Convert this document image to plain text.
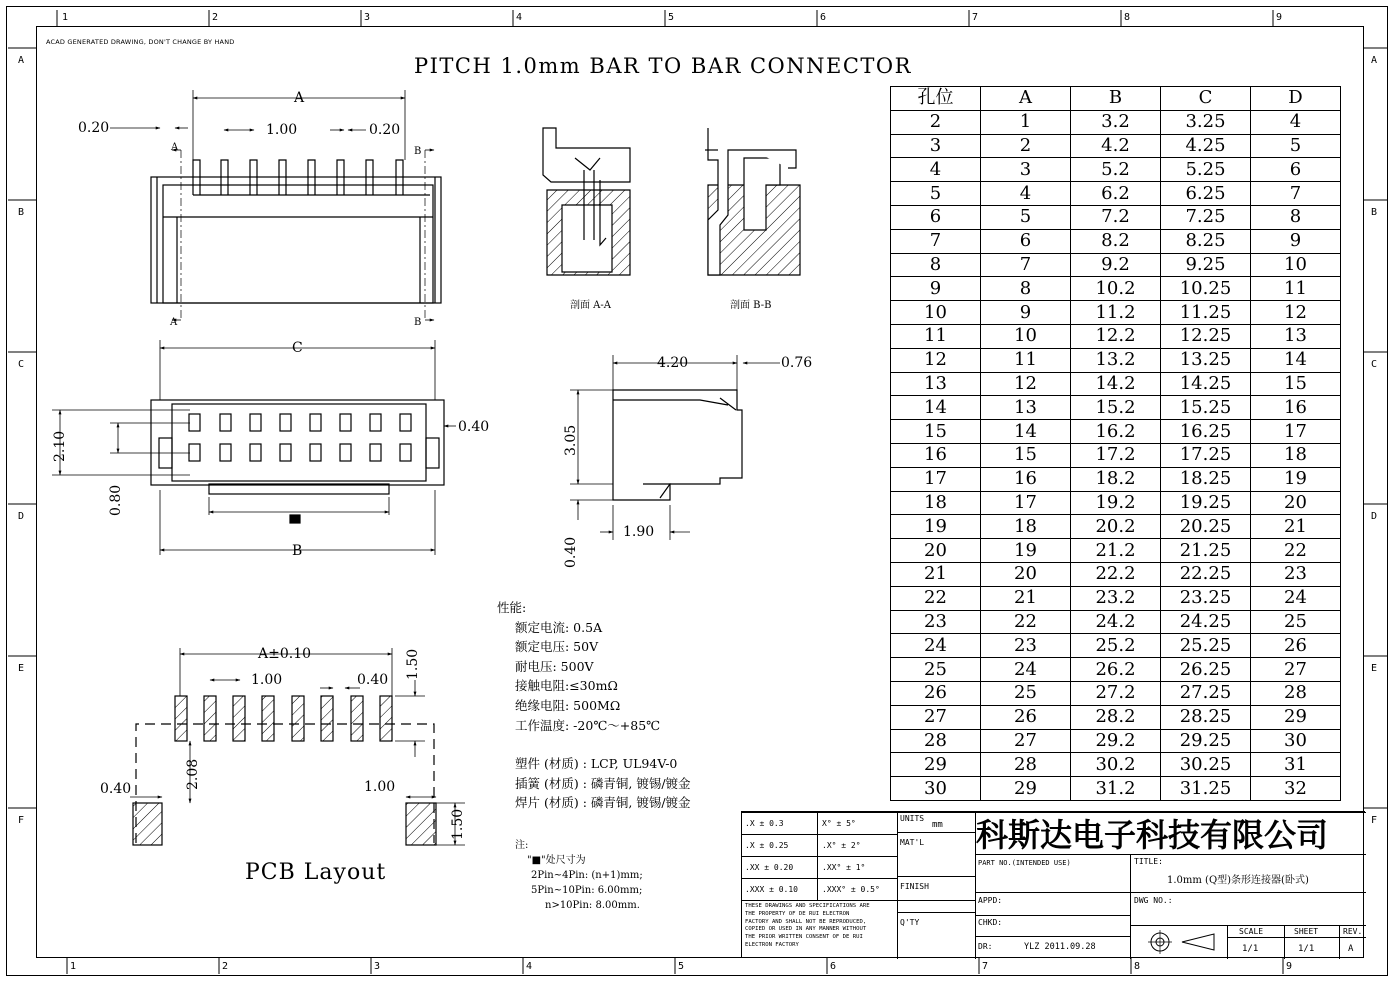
1	2	3	4	5	6	7	8	9
1	2	3	4	5	6	7	8	9
A
B
C
D
E
F
A
B
C
D
E
F
ACAD GENERATED DRAWING, DON'T CHANGE BY HAND
PITCH 1.0mm BAR TO BAR CONNECTOR
A
1.00
0.20	0.20
A	B
A	B
C
B
0.40
2.10
0.80
剖面 A-A	剖面 B-B
4.20	0.76
3.05
1.90
0.40
A±0.10
1.00	0.40 1.50
2.08
0.40	1.00
1.50
PCB Layout
性能:

额定电流: 0.5A
额定电压: 50V
耐电压: 500V
接触电阻:≤30mΩ
绝缘电阻: 500MΩ
工作温度: -20℃～+85℃
塑件 (材质) : LCP, UL94V-0
插簧 (材质) : 磷青铜, 镀锡/镀金
焊片 (材质) : 磷青铜, 镀锡/镀金
注:
"■"处尺寸为
2Pin~4Pin: (n+1)mm;
5Pin~10Pin: 6.00mm;
n>10Pin: 8.00mm.
孔位	A	B	C	D
2	1	3.2	3.25	4
3	2	4.2	4.25	5
4	3	5.2	5.25	6
5	4	6.2	6.25	7
6	5	7.2	7.25	8
7	6	8.2	8.25	9
8	7	9.2	9.25	10
9	8	10.2	10.25	11
10	9	11.2	11.25	12
11	10	12.2	12.25	13
12	11	13.2	13.25	14
13	12	14.2	14.25	15
14	13	15.2	15.25	16
15	14	16.2	16.25	17
16	15	17.2	17.25	18
17	16	18.2	18.25	19
18	17	19.2	19.25	20
19	18	20.2	20.25	21
20	19	21.2	21.25	22
21	20	22.2	22.25	23
22	21	23.2	23.25	24
23	22	24.2	24.25	25
24	23	25.2	25.25	26
25	24	26.2	26.25	27
26	25	27.2	27.25	28
27	26	28.2	28.25	29
28	27	29.2	29.25	30
29	28	30.2	30.25	31
30	29	31.2	31.25	32
.X ± 0.3
.X ± 0.25
.XX ± 0.20
.XXX ± 0.10
X° ± 5°
.X° ± 2°
.XX° ± 1°
.XXX° ± 0.5°
UNITS
mm
MAT'L
FINISH
Q'TY
THESE DRAWINGS AND SPECIFICATIONS ARE
THE PROPERTY OF DE RUI ELECTRON
FACTORY AND SHALL NOT BE REPRODUCED,
COPIED OR USED IN ANY MANNER WITHOUT
THE PRIOR WRITTEN CONSENT OF DE RUI
ELECTRON FACTORY
PART NO.(INTENDED USE)	TITLE:
1.0mm (Q型)条形连接器(卧式)
APPD:
CHKD:
DR:	YLZ 2011.09.28
DWG NO.:
SCALE
1/1
SHEET
1/1
REV.
A
科斯达电子科技有限公司
